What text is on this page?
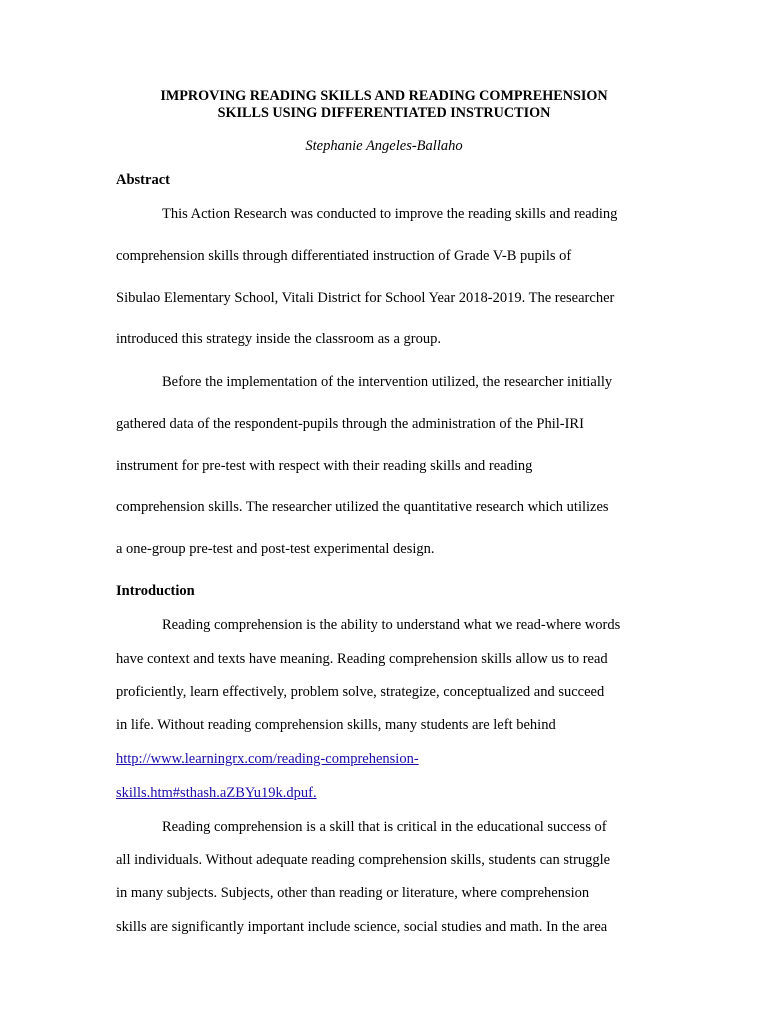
IMPROVING READING SKILLS AND READING COMPREHENSION
SKILLS USING DIFFERENTIATED INSTRUCTION
Stephanie Angeles-Ballaho
Abstract
This Action Research was conducted to improve the reading skills and reading
comprehension skills through differentiated instruction of Grade V-B pupils of
Sibulao Elementary School, Vitali District for School Year 2018-2019. The researcher
introduced this strategy inside the classroom as a group.
Before the implementation of the intervention utilized, the researcher initially
gathered data of the respondent-pupils through the administration of the Phil-IRI
instrument for pre-test with respect with their reading skills and reading
comprehension skills. The researcher utilized the quantitative research which utilizes
a one-group pre-test and post-test experimental design.
Introduction
Reading comprehension is the ability to understand what we read-where words
have context and texts have meaning. Reading comprehension skills allow us to read
proficiently, learn effectively, problem solve, strategize, conceptualized and succeed
in life. Without reading comprehension skills, many students are left behind
http://www.learningrx.com/reading-comprehension-
skills.htm#sthash.aZBYu19k.dpuf.
Reading comprehension is a skill that is critical in the educational success of
all individuals. Without adequate reading comprehension skills, students can struggle
in many subjects. Subjects, other than reading or literature, where comprehension
skills are significantly important include science, social studies and math. In the area
